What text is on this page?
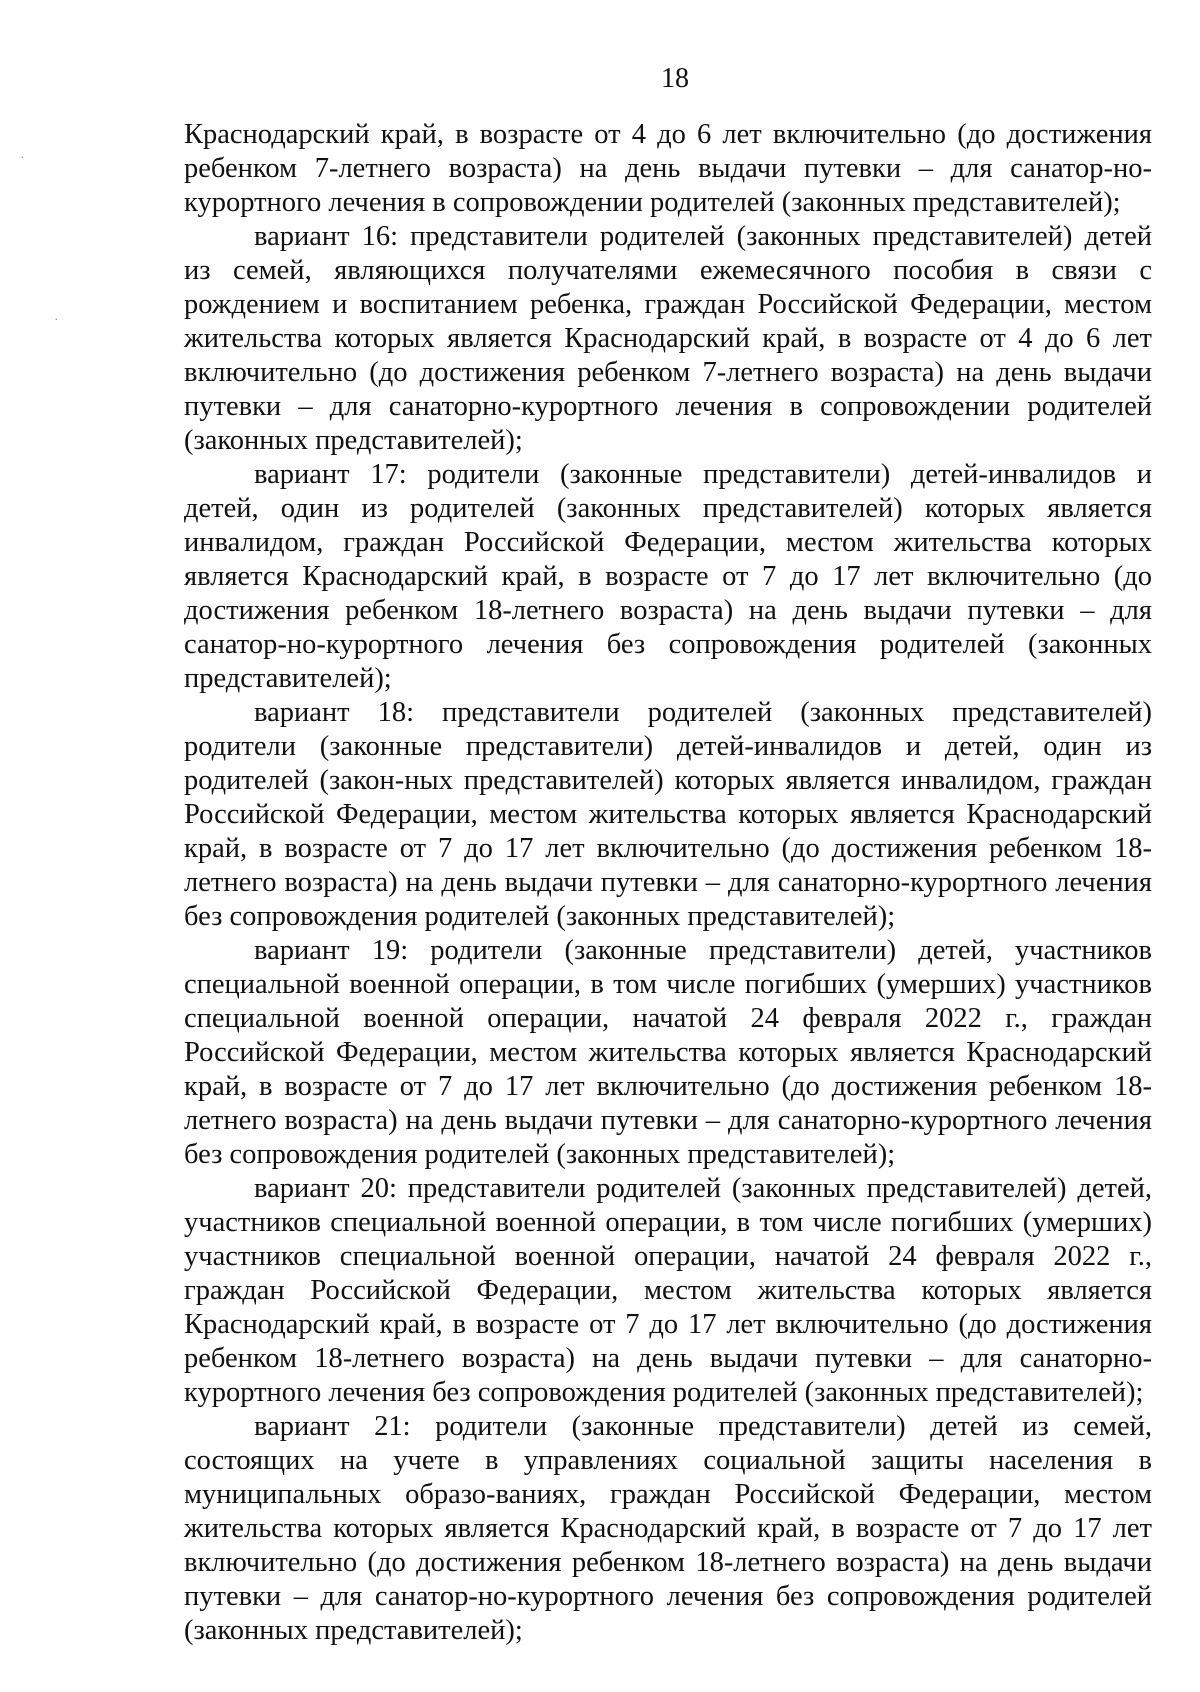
18

Краснодарский край, в возрасте от 4 до 6 лет включительно (до достижения ребенком 7-летнего возраста) на день выдачи путевки – для санатор-но-курортного лечения в сопровождении родителей (законных представителей);

вариант 16: представители родителей (законных представителей) детей из семей, являющихся получателями ежемесячного пособия в связи с рождением и воспитанием ребенка, граждан Российской Федерации, местом жительства которых является Краснодарский край, в возрасте от 4 до 6 лет включительно (до достижения ребенком 7-летнего возраста) на день выдачи путевки – для санаторно-курортного лечения в сопровождении родителей (законных представителей);

вариант 17: родители (законные представители) детей-инвалидов и детей, один из родителей (законных представителей) которых является инвалидом, граждан Российской Федерации, местом жительства которых является Краснодарский край, в возрасте от 7 до 17 лет включительно (до достижения ребенком 18-летнего возраста) на день выдачи путевки – для санатор-но-курортного лечения без сопровождения родителей (законных представителей);

вариант 18: представители родителей (законных представителей) родители (законные представители) детей-инвалидов и детей, один из родителей (закон-ных представителей) которых является инвалидом, граждан Российской Федерации, местом жительства которых является Краснодарский край, в возрасте от 7 до 17 лет включительно (до достижения ребенком 18-летнего возраста) на день выдачи путевки – для санаторно-курортного лечения без сопровождения родителей (законных представителей);

вариант 19: родители (законные представители) детей, участников специальной военной операции, в том числе погибших (умерших) участников специальной военной операции, начатой 24 февраля 2022 г., граждан Российской Федерации, местом жительства которых является Краснодарский край, в возрасте от 7 до 17 лет включительно (до достижения ребенком 18-летнего возраста) на день выдачи путевки – для санаторно-курортного лечения без сопровождения родителей (законных представителей);

вариант 20: представители родителей (законных представителей) детей, участников специальной военной операции, в том числе погибших (умерших) участников специальной военной операции, начатой 24 февраля 2022 г., граждан Российской Федерации, местом жительства которых является Краснодарский край, в возрасте от 7 до 17 лет включительно (до достижения ребенком 18-летнего возраста) на день выдачи путевки – для санаторно-курортного лечения без сопровождения родителей (законных представителей);

вариант 21: родители (законные представители) детей из семей, состоящих на учете в управлениях социальной защиты населения в муниципальных образо-ваниях, граждан Российской Федерации, местом жительства которых является Краснодарский край, в возрасте от 7 до 17 лет включительно (до достижения ребенком 18-летнего возраста) на день выдачи путевки – для санатор-но-курортного лечения без сопровождения родителей (законных представителей);

·
·
